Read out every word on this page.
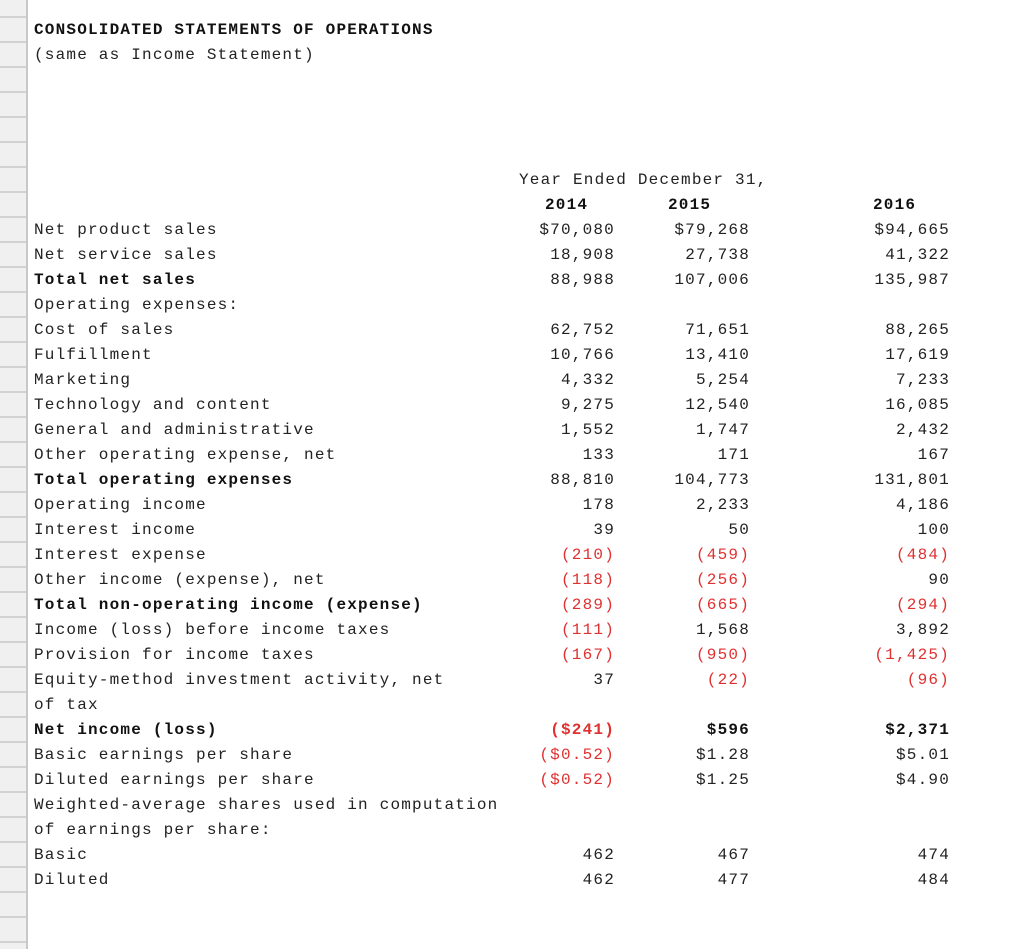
CONSOLIDATED STATEMENTS OF OPERATIONS
(same as Income Statement)
Year Ended December 31,
2014	2015	2016
Net product sales	$70,080	$79,268	$94,665
Net service sales	18,908	27,738	41,322
Total net sales	88,988	107,006	135,987
Operating expenses:
Cost of sales	62,752	71,651	88,265
Fulfillment	10,766	13,410	17,619
Marketing	4,332	5,254	7,233
Technology and content	9,275	12,540	16,085
General and administrative	1,552	1,747	2,432
Other operating expense, net	133	171	167
Total operating expenses	88,810	104,773	131,801
Operating income	178	2,233	4,186
Interest income	39	50	100
Interest expense	(210)	(459)	(484)
Other income (expense), net	(118)	(256)	90
Total non-operating income (expense)	(289)	(665)	(294)
Income (loss) before income taxes	(111)	1,568	3,892
Provision for income taxes	(167)	(950)	(1,425)
Equity-method investment activity, net	37	(22)	(96)
of tax
Net income (loss)	($241)	$596	$2,371
Basic earnings per share	($0.52)	$1.28	$5.01
Diluted earnings per share	($0.52)	$1.25	$4.90
Weighted-average shares used in computation
of earnings per share:
Basic	462	467	474
Diluted	462	477	484
